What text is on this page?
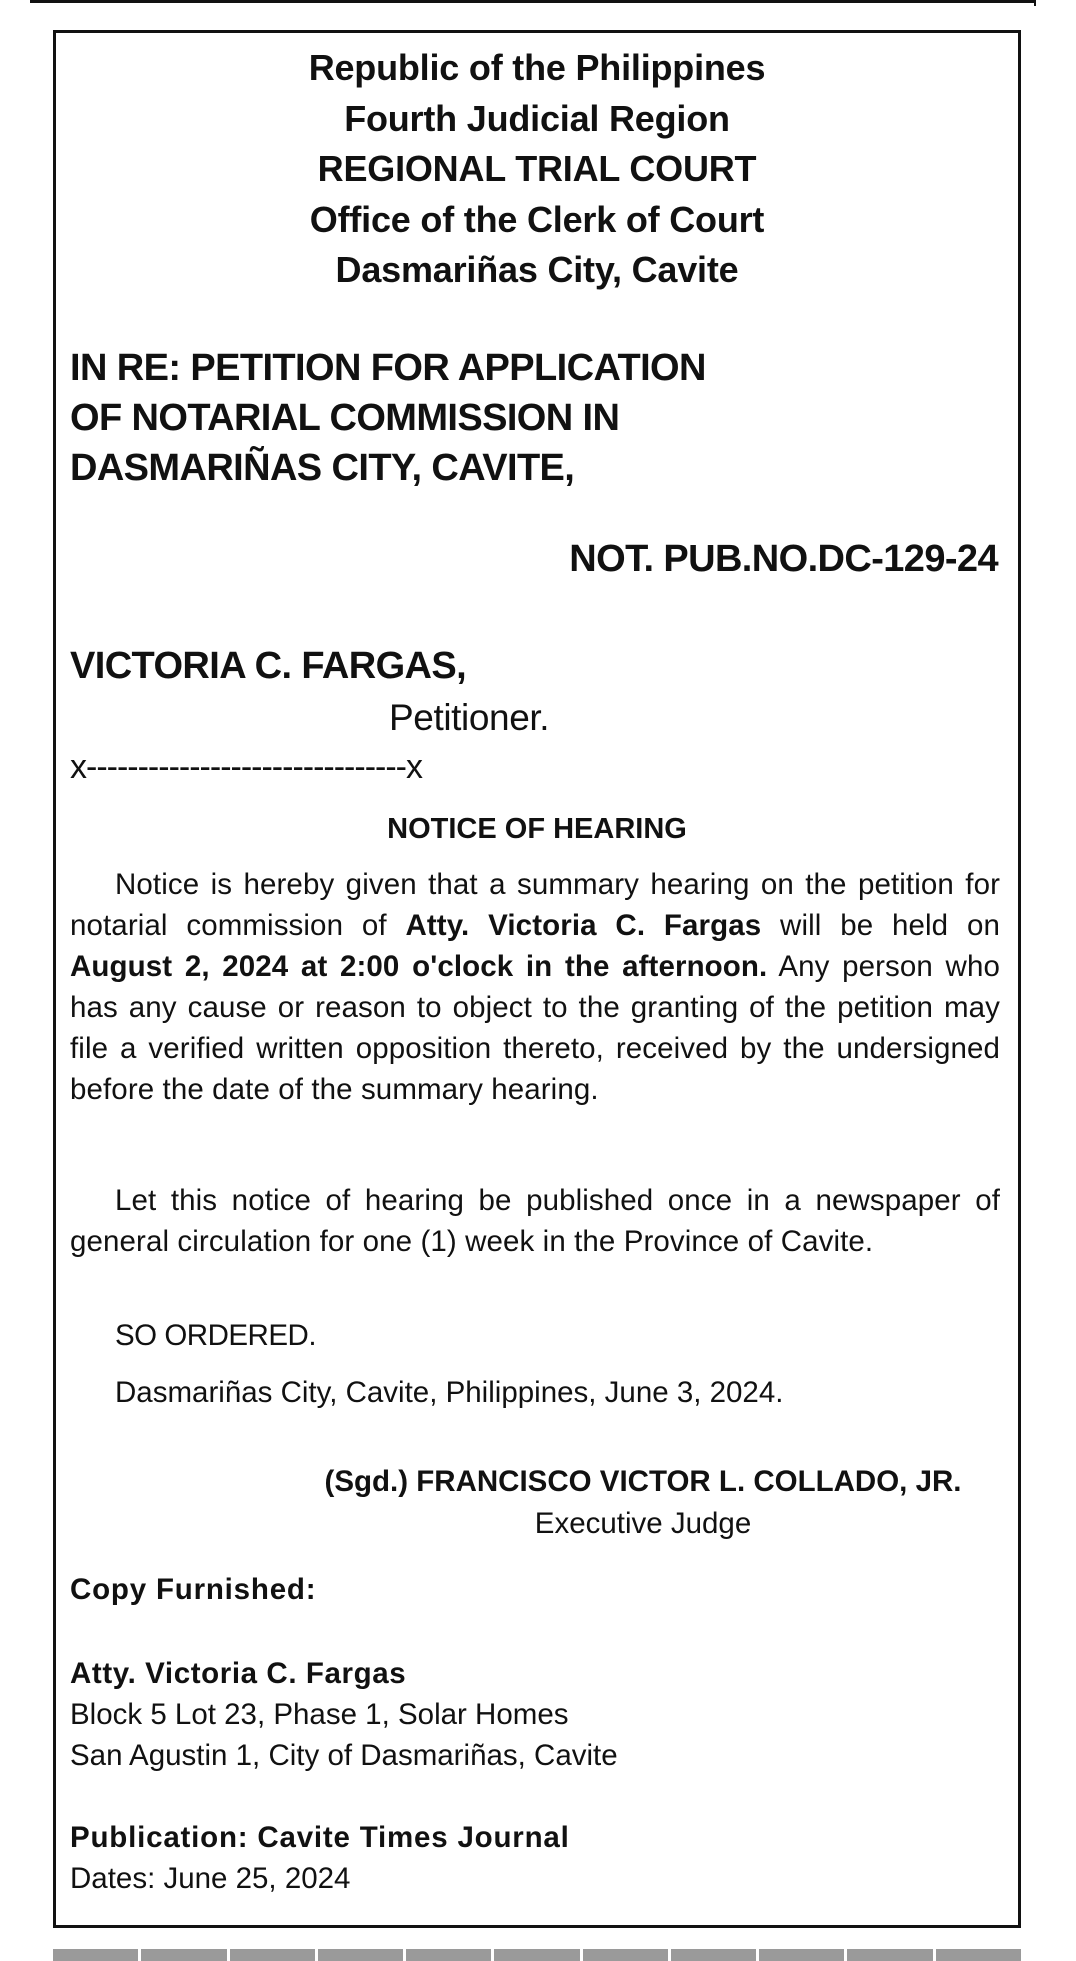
Republic of the Philippines
Fourth Judicial Region
REGIONAL TRIAL COURT
Office of the Clerk of Court
Dasmariñas City, Cavite
IN RE: PETITION FOR APPLICATION
OF NOTARIAL COMMISSION IN
DASMARIÑAS CITY, CAVITE,
NOT. PUB.NO.DC-129-24
VICTORIA C. FARGAS,
Petitioner.
x-------------------------------x
NOTICE OF HEARING
Notice is hereby given that a summary hearing on the petition for notarial commission of Atty. Victoria C. Fargas will be held on August 2, 2024 at 2:00 o'clock in the afternoon. Any person who has any cause or reason to object to the granting of the petition may file a verified written opposition thereto, received by the undersigned before the date of the summary hearing.
Let this notice of hearing be published once in a newspaper of general circulation for one (1) week in the Province of Cavite.
SO ORDERED.
Dasmariñas City, Cavite, Philippines, June 3, 2024.
(Sgd.) FRANCISCO VICTOR L. COLLADO, JR.
Executive Judge
Copy Furnished:
Atty. Victoria C. Fargas
Block 5 Lot 23, Phase 1, Solar Homes
San Agustin 1, City of Dasmariñas, Cavite
Publication: Cavite Times Journal
Dates: June 25, 2024
